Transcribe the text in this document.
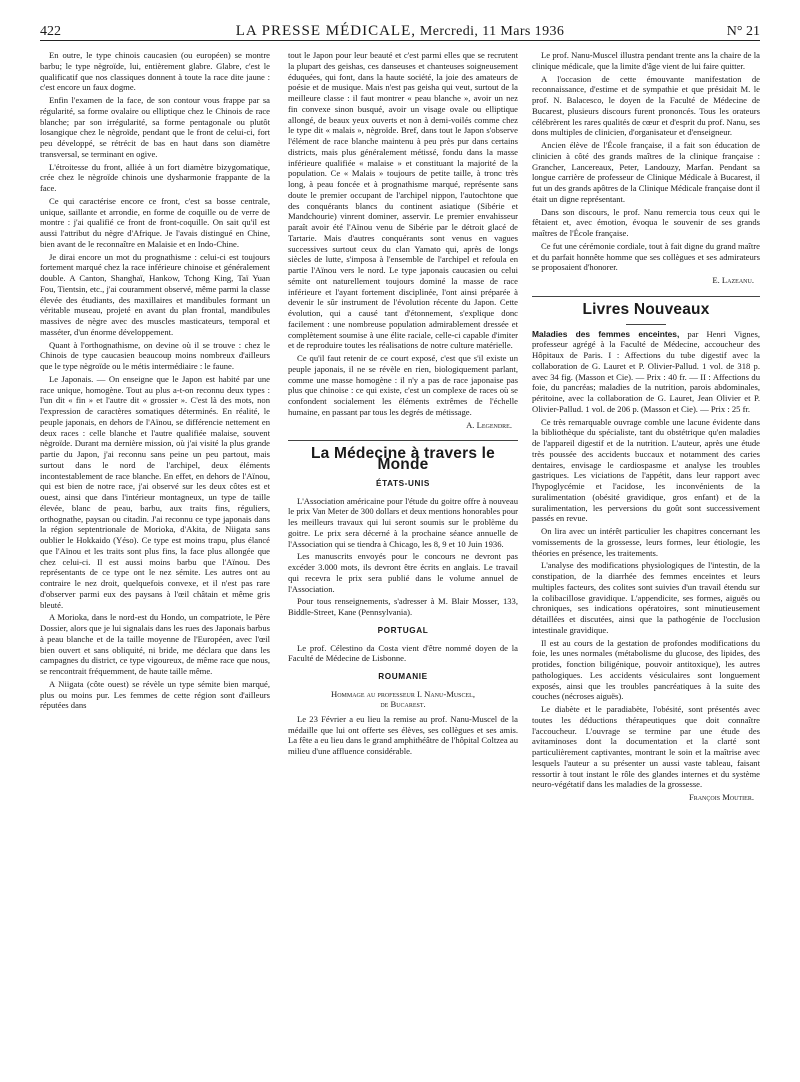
422	LA PRESSE MÉDICALE, Mercredi, 11 Mars 1936	N° 21

En outre, le type chinois caucasien (ou européen) se montre barbu; le type nègroïde, lui, entièrement glabre. Glabre, c'est le qualificatif que nos classiques donnent à toute la race dite jaune : c'est encore un faux dogme.

Enfin l'examen de la face, de son contour vous frappe par sa régularité, sa forme ovalaire ou elliptique chez le Chinois de race blanche; par son irrégularité, sa forme pentagonale ou plutôt losangique chez le nègroïde, pendant que le front de celui-ci, fort peu développé, se rétrécit de bas en haut dans son diamètre transversal, se terminant en ogive.

L'étroitesse du front, alliée à un fort diamètre bizygomatique, crée chez le nègroïde chinois une dysharmonie frappante de la face.

Ce qui caractérise encore ce front, c'est sa bosse centrale, unique, saillante et arrondie, en forme de coquille ou de verre de montre : j'ai qualifié ce front de front-coquille. On sait qu'il est aussi l'attribut du nègre d'Afrique. Je l'avais distingué en Chine, bien avant de le reconnaître en Malaisie et en Indo-Chine.

Je dirai encore un mot du prognathisme : celui-ci est toujours fortement marqué chez la race inférieure chinoise et généralement double. A Canton, Shanghaï, Hankow, Tchong King, Taï Yuan Fou, Tientsin, etc., j'ai couramment observé, même parmi la classe élevée des étudiants, des maxillaires et mandibules formant un véritable museau, projeté en avant du plan frontal, mandibules massives de nègre avec des muscles masticateurs, temporal et masséter, d'un énorme développement.

Quant à l'orthognathisme, on devine où il se trouve : chez le Chinois de type caucasien beaucoup moins nombreux d'ailleurs que le type nègroïde ou le métis intermédiaire : le faune.

Le Japonais. — On enseigne que le Japon est habité par une race unique, homogène. Tout au plus a-t-on reconnu deux types : l'un dit « fin » et l'autre dit « grossier ». C'est là des mots, non l'expression de caractères somatiques déterminés. En réalité, le peuple japonais, en dehors de l'Aïnou, se différencie nettement en deux races : celle blanche et l'autre qualifiée malaise, souvent nègroïde. Durant ma dernière mission, où j'ai visité la plus grande partie du Japon, j'ai reconnu sans peine un peu partout, mais surtout dans le nord de l'archipel, deux éléments incontestablement de race blanche. En effet, en dehors de l'Aïnou, qui est bien de notre race, j'ai observé sur les deux côtes est et ouest, ainsi que dans l'intérieur montagneux, un type de taille élevée, blanc de peau, barbu, aux traits fins, réguliers, orthognathe, paysan ou citadin. J'ai reconnu ce type japonais dans la région septentrionale de Morioka, d'Akita, de Niigata sans oublier le Hokkaido (Yéso). Ce type est moins trapu, plus élancé que l'Aïnou et les traits sont plus fins, la face plus allongée que chez celui-ci. Il est aussi moins barbu que l'Aïnou. Des représentants de ce type ont le nez sémite. Les autres ont au contraire le nez droit, quelquefois convexe, et il n'est pas rare d'observer parmi eux des paysans à l'œil châtain et même gris bleuté.

A Morioka, dans le nord-est du Hondo, un compatriote, le Père Dossier, alors que je lui signalais dans les rues des Japonais barbus à peau blanche et de la taille moyenne de l'Européen, avec l'œil bien ouvert et sans obliquité, ni bride, me déclara que dans les campagnes du district, ce type vigoureux, de même race que nous, se rencontrait fréquemment, de haute taille même.

A Niigata (côte ouest) se révèle un type sémite bien marqué, plus ou moins pur. Les femmes de cette région sont d'ailleurs réputées dans

tout le Japon pour leur beauté et c'est parmi elles que se recrutent la plupart des geishas, ces danseuses et chanteuses soigneusement éduquées, qui font, dans la haute société, la joie des amateurs de poésie et de musique. Mais n'est pas geisha qui veut, surtout de la meilleure classe : il faut montrer « peau blanche », avoir un nez fin convexe sinon busqué, avoir un visage ovale ou elliptique allongé, de beaux yeux ouverts et non à demi-voilés comme chez le type dit « malais », nègroïde. Bref, dans tout le Japon s'observe l'élément de race blanche maintenu à peu près pur dans certains districts, mais plus généralement métissé, fondu dans la masse inférieure qualifiée « malaise » et constituant la majorité de la population. Ce « Malais » toujours de petite taille, à tronc très long, à peau foncée et à prognathisme marqué, représente sans doute le premier occupant de l'archipel nippon, l'autochtone que des conquérants blancs du continent asiatique (Sibérie et Mandchourie) vinrent dominer, asservir. Le premier envahisseur paraît avoir été l'Aïnou venu de Sibérie par le détroit glacé de Tartarie. Mais d'autres conquérants sont venus en vagues successives surtout ceux du clan Yamato qui, après de longs siècles de lutte, s'imposa à l'ensemble de l'archipel et refoula en partie l'Aïnou vers le nord. Le type japonais caucasien ou celui sémite ont naturellement toujours dominé la masse de race inférieure et l'ayant fortement disciplinée, l'ont ainsi préparée à devenir le sûr instrument de l'évolution récente du Japon. Cette évolution, qui a causé tant d'étonnement, s'explique donc facilement : une nombreuse population admirablement dressée et complètement soumise à une élite raciale, celle-ci capable d'imiter et de reproduire toutes les réalisations de notre culture matérielle.

Ce qu'il faut retenir de ce court exposé, c'est que s'il existe un peuple japonais, il ne se révèle en rien, biologiquement parlant, comme une masse homogène : il n'y a pas de race japonaise pas plus que chinoise : ce qui existe, c'est un complexe de races où se confondent socialement les éléments extrêmes de l'échelle humaine, en passant par tous les degrés de métissage.

A. Legendre.
La Médecine à travers le Monde
ÉTATS-UNIS

L'Association américaine pour l'étude du goitre offre à nouveau le prix Van Meter de 300 dollars et deux mentions honorables pour les meilleurs travaux qui lui seront soumis sur le problème du goitre. Le prix sera décerné à la prochaine séance annuelle de l'Association qui se tiendra à Chicago, les 8, 9 et 10 Juin 1936.

Les manuscrits envoyés pour le concours ne devront pas excéder 3.000 mots, ils devront être écrits en anglais. Le travail qui recevra le prix sera publié dans le volume annuel de l'Association.

Pour tous renseignements, s'adresser à M. Blair Mosser, 133, Biddle-Street, Kane (Pennsylvania).

PORTUGAL

Le prof. Célestino da Costa vient d'être nommé doyen de la Faculté de Médecine de Lisbonne.

ROUMANIE
Hommage au professeur I. Nanu-Muscel,
de Bucarest.

Le 23 Février a eu lieu la remise au prof. Nanu-Muscel de la médaille que lui ont offerte ses élèves, ses collègues et ses amis. La fête a eu lieu dans le grand amphithéâtre de l'hôpital Coltzea au milieu d'une affluence considérable.

Le prof. Nanu-Muscel illustra pendant trente ans la chaire de la clinique médicale, que la limite d'âge vient de lui faire quitter.

A l'occasion de cette émouvante manifestation de reconnaissance, d'estime et de sympathie et que présidait M. le prof. N. Balacesco, le doyen de la Faculté de Médecine de Bucarest, plusieurs discours furent prononcés. Tous les orateurs célébrèrent les rares qualités de cœur et d'esprit du prof. Nanu, ses dons multiples de clinicien, d'organisateur et d'enseigneur.

Ancien élève de l'École française, il a fait son éducation de clinicien à côté des grands maîtres de la clinique française : Grancher, Lancereaux, Peter, Landouzy, Marfan. Pendant sa longue carrière de professeur de Clinique Médicale à Bucarest, il fut un des grands apôtres de la Clinique Médicale française dont il était un digne représentant.

Dans son discours, le prof. Nanu remercia tous ceux qui le fêtaient et, avec émotion, évoqua le souvenir de ses grands maîtres de l'École française.

Ce fut une cérémonie cordiale, tout à fait digne du grand maître et du parfait honnête homme que ses collègues et ses admirateurs se proposaient d'honorer.

E. Lazeanu.
Livres Nouveaux

Maladies des femmes enceintes, par Henri Vignes, professeur agrégé à la Faculté de Médecine, accoucheur des Hôpitaux de Paris. I : Affections du tube digestif avec la collaboration de G. Lauret et P. Olivier-Pallud. 1 vol. de 318 p. avec 34 fig. (Masson et Cie). — Prix : 40 fr. — II : Affections du foie, du pancréas; maladies de la nutrition, parois abdominales, péritoine, avec la collaboration de G. Lauret, Jean Olivier et P. Olivier-Pallud. 1 vol. de 206 p. (Masson et Cie). — Prix : 25 fr.

Ce très remarquable ouvrage comble une lacune évidente dans la bibliothèque du spécialiste, tant du obstétrique qu'en maladies de l'appareil digestif et de la nutrition. L'auteur, après une étude très poussée des accidents buccaux et notamment des caries dentaires, envisage le cardiospasme et analyse les troubles gastriques. Les viciations de l'appétit, dans leur rapport avec l'hypoglycémie et l'acidose, les inconvénients de la suralimentation (obésité gravidique, gros enfant) et de la suralimentation, les perversions du goût sont successivement passés en revue.

On lira avec un intérêt particulier les chapitres concernant les vomissements de la grossesse, leurs formes, leur étiologie, les théories en présence, les traitements.

L'analyse des modifications physiologiques de l'intestin, de la constipation, de la diarrhée des femmes enceintes et leurs multiples facteurs, des colites sont suivies d'un travail étendu sur la colibacillose gravidique. L'appendicite, ses formes, aiguës ou chroniques, ses indications opératoires, sont minutieusement détaillées et discutées, ainsi que la pathogénie de l'occlusion intestinale gravidique.

Il est au cours de la gestation de profondes modifications du foie, les unes normales (métabolisme du glucose, des lipides, des protides, fonction biligénique, pouvoir antitoxique), les autres pathologiques. Les accidents vésiculaires sont longuement exposés, ainsi que les troubles pancréatiques à la suite des couches (nécroses aiguës).

Le diabète et le paradiabète, l'obésité, sont présentés avec toutes les déductions thérapeutiques que doit connaître l'accoucheur. L'ouvrage se termine par une étude des avitaminoses dont la documentation et la clarté sont particulièrement captivantes, montrant le soin et la maîtrise avec lesquels l'auteur a su présenter un aussi vaste tableau, faisant ressortir à tout instant le rôle des glandes internes et du système neuro-végétatif dans les maladies de la grossesse.

François Moutier.
